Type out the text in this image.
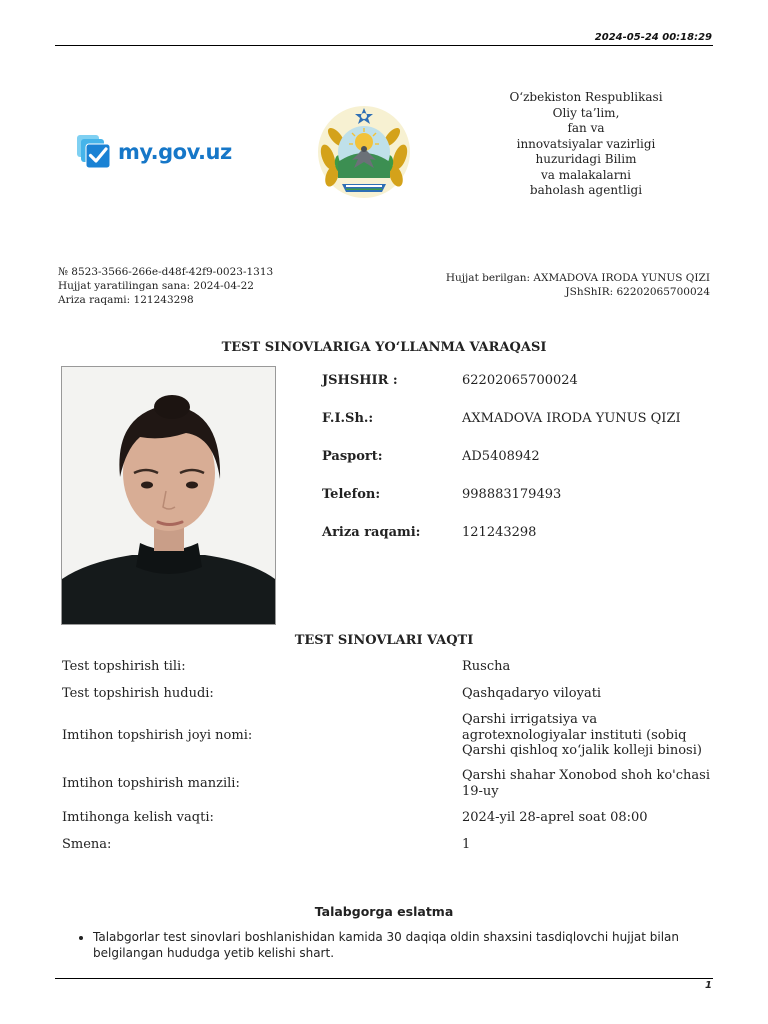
2024-05-24 00:18:29
my.gov.uz
O‘zbekiston Respublikasi
Oliy ta’lim,
fan va
innovatsiyalar vazirligi
huzuridagi Bilim
va malakalarni
baholash agentligi
№ 8523-3566-266e-d48f-42f9-0023-1313
Hujjat yaratilingan sana: 2024-04-22
Ariza raqami: 121243298
Hujjat berilgan: AXMADOVA IRODA YUNUS QIZI
JShShIR: 62202065700024
TEST SINOVLARIGA YO‘LLANMA VARAQASI
JSHSHIR :	62202065700024
F.I.Sh.:	AXMADOVA IRODA YUNUS QIZI
Pasport:	AD5408942
Telefon:	998883179493
Ariza raqami:	121243298
TEST SINOVLARI VAQTI
Test topshirish tili:	Ruscha
Test topshirish hududi:	Qashqadaryo viloyati
Imtihon topshirish joyi nomi:
Qarshi irrigatsiya va agrotexnologiyalar instituti (sobiq Qarshi qishloq xo‘jalik kolleji binosi)
Imtihon topshirish manzili:
Qarshi shahar Xonobod shoh ko'chasi 19-uy
Imtihonga kelish vaqti:	2024-yil 28-aprel soat 08:00
Smena:	1
Talabgorga eslatma
• Talabgorlar test sinovlari boshlanishidan kamida 30 daqiqa oldin shaxsini tasdiqlovchi hujjat bilan belgilangan hududga yetib kelishi shart.
1
